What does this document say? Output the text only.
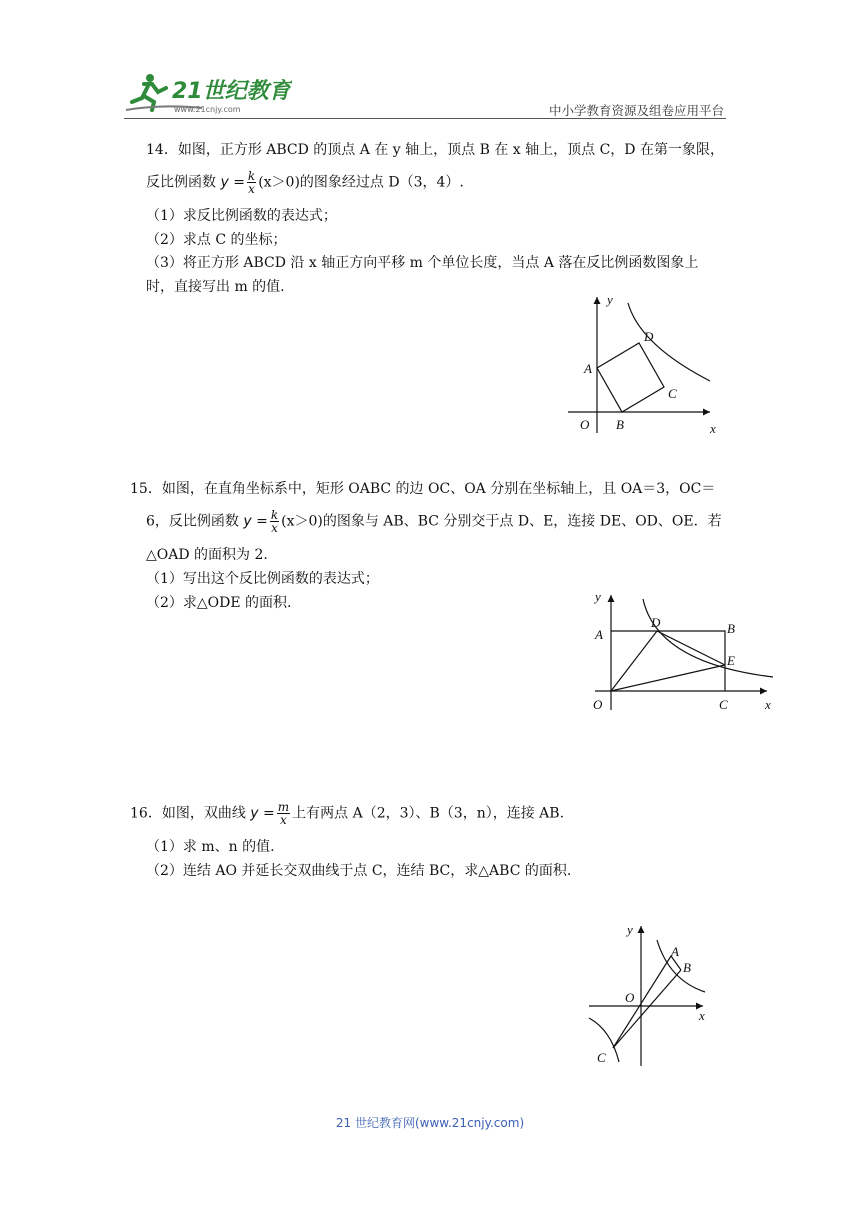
21世纪教育
www.21cnjy.com	中小学教育资源及组卷应用平台
14．如图，正方形 ABCD 的顶点 A 在 y 轴上，顶点 B 在 x 轴上，顶点 C，D 在第一象限，
反比例函数 $y = \frac{k}{x} (x>0)$的图象经过点 D（3，4）.
（1）求反比例函数的表达式；
（2）求点 C 的坐标；
（3）将正方形 ABCD 沿 x 轴正方向平移 m 个单位长度，当点 A 落在反比例函数图象上
时，直接写出 m 的值.
y
x
O
A
B
C
D
15．如图，在直角坐标系中，矩形 OABC 的边 OC、OA 分别在坐标轴上，且 OA＝3，OC＝
6，反比例函数 $y = \frac{k}{x} (x>0)$的图象与 AB、BC 分别交于点 D、E，连接 DE、OD、OE．若
△OAD 的面积为 2.
（1）写出这个反比例函数的表达式；
（2）求△ODE 的面积.	y
x
O
A	B
C
D
E
16．如图，双曲线 $y = \frac{m}{x}$ 上有两点 A（2，3）、B（3，n），连接 AB.
（1）求 m、n 的值.
（2）连结 AO 并延长交双曲线于点 C，连结 BC，求△ABC 的面积.
y
x
O
A
B
C
21 世纪教育网(www.21cnjy.com)
